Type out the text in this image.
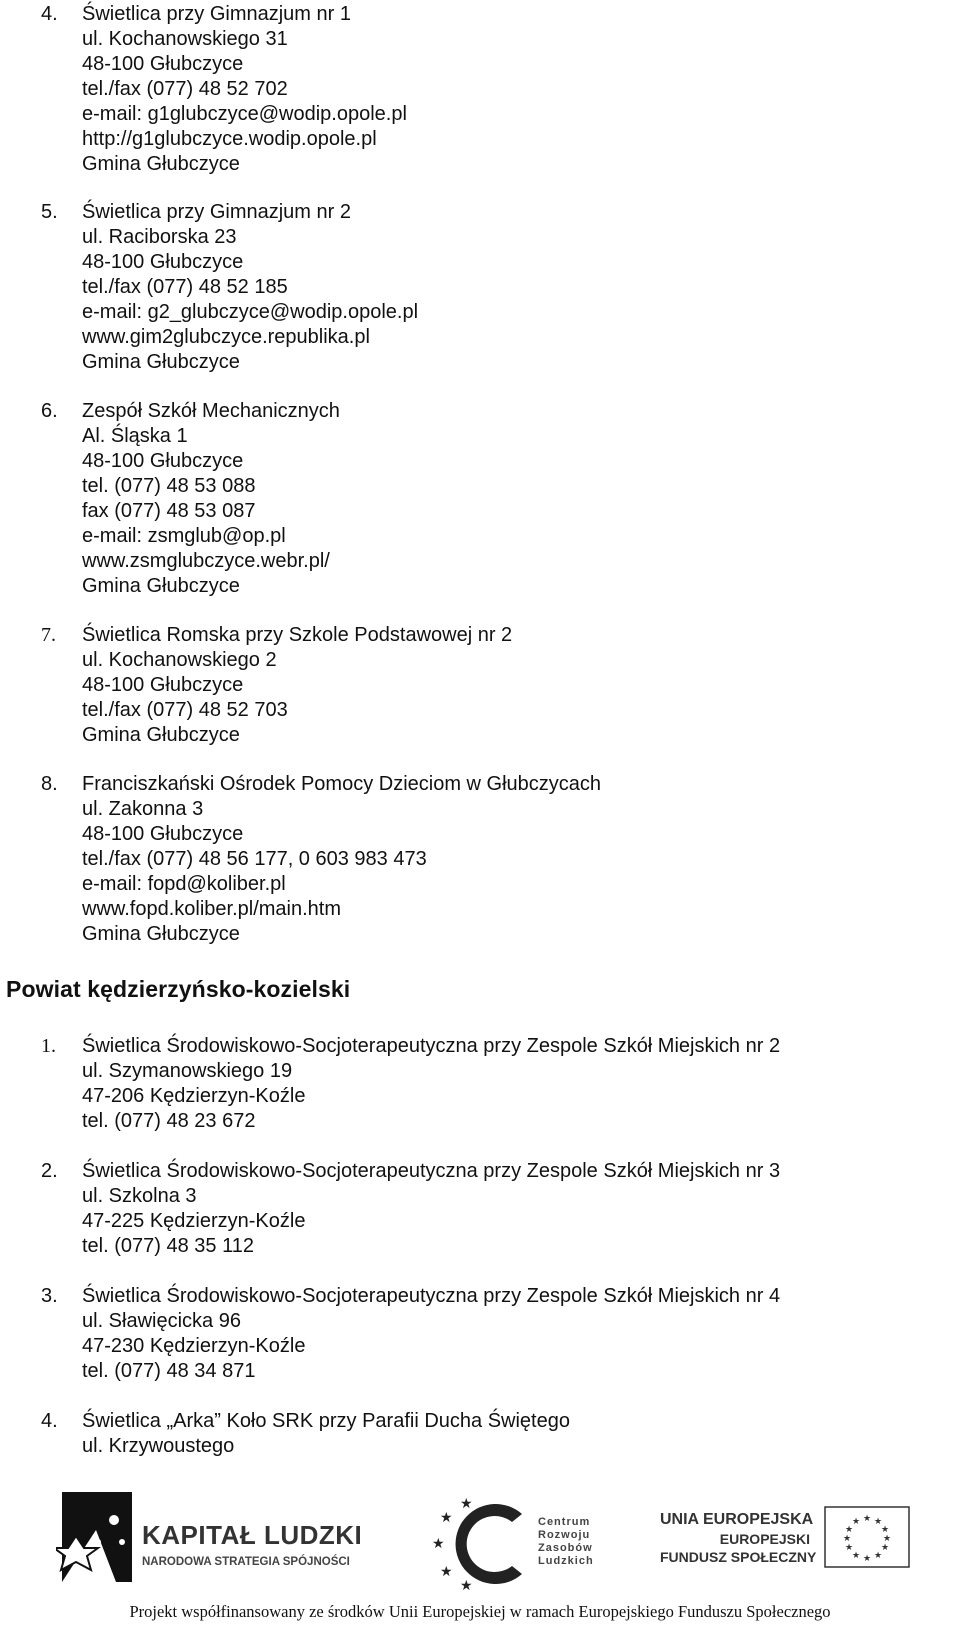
4. Świetlica przy Gimnazjum nr 1
ul. Kochanowskiego 31
48-100 Głubczyce
tel./fax (077) 48 52 702
e-mail: g1glubczyce@wodip.opole.pl
http://g1glubczyce.wodip.opole.pl
Gmina Głubczyce
5. Świetlica przy Gimnazjum nr 2
ul. Raciborska 23
48-100 Głubczyce
tel./fax (077) 48 52 185
e-mail: g2_glubczyce@wodip.opole.pl
www.gim2glubczyce.republika.pl
Gmina Głubczyce
6. Zespół Szkół Mechanicznych
Al. Śląska 1
48-100 Głubczyce
tel. (077) 48 53 088
fax (077) 48 53 087
e-mail: zsmglub@op.pl
www.zsmglubczyce.webr.pl/
Gmina Głubczyce
7. Świetlica Romska przy Szkole Podstawowej nr 2
ul. Kochanowskiego 2
48-100 Głubczyce
tel./fax (077) 48 52 703
Gmina Głubczyce
8. Franciszkański Ośrodek Pomocy Dzieciom w Głubczycach
ul. Zakonna 3
48-100 Głubczyce
tel./fax (077) 48 56 177, 0 603 983 473
e-mail: fopd@koliber.pl
www.fopd.koliber.pl/main.htm
Gmina Głubczyce
Powiat kędzierzyńsko-kozielski
1. Świetlica Środowiskowo-Socjoterapeutyczna przy Zespole Szkół Miejskich nr 2
ul. Szymanowskiego 19
47-206 Kędzierzyn-Koźle
tel. (077) 48 23 672
2. Świetlica Środowiskowo-Socjoterapeutyczna przy Zespole Szkół Miejskich nr 3
ul. Szkolna 3
47-225 Kędzierzyn-Koźle
tel. (077) 48 35 112
3. Świetlica Środowiskowo-Socjoterapeutyczna przy Zespole Szkół Miejskich nr 4
ul. Sławięcicka 96
47-230 Kędzierzyn-Koźle
tel. (077) 48 34 871
4. Świetlica „Arka” Koło SRK przy Parafii Ducha Świętego
ul. Krzywoustego
KAPITAŁ LUDZKI
NARODOWA STRATEGIA SPÓJNOŚCI
★
★
★
★
★
Centrum
Rozwoju
Zasobów
Ludzkich
UNIA EUROPEJSKA
EUROPEJSKI
FUNDUSZ SPOŁECZNY
★ ★
★
★
★
★
★
★
★
★
★
★
Projekt współfinansowany ze środków Unii Europejskiej w ramach Europejskiego Funduszu Społecznego
